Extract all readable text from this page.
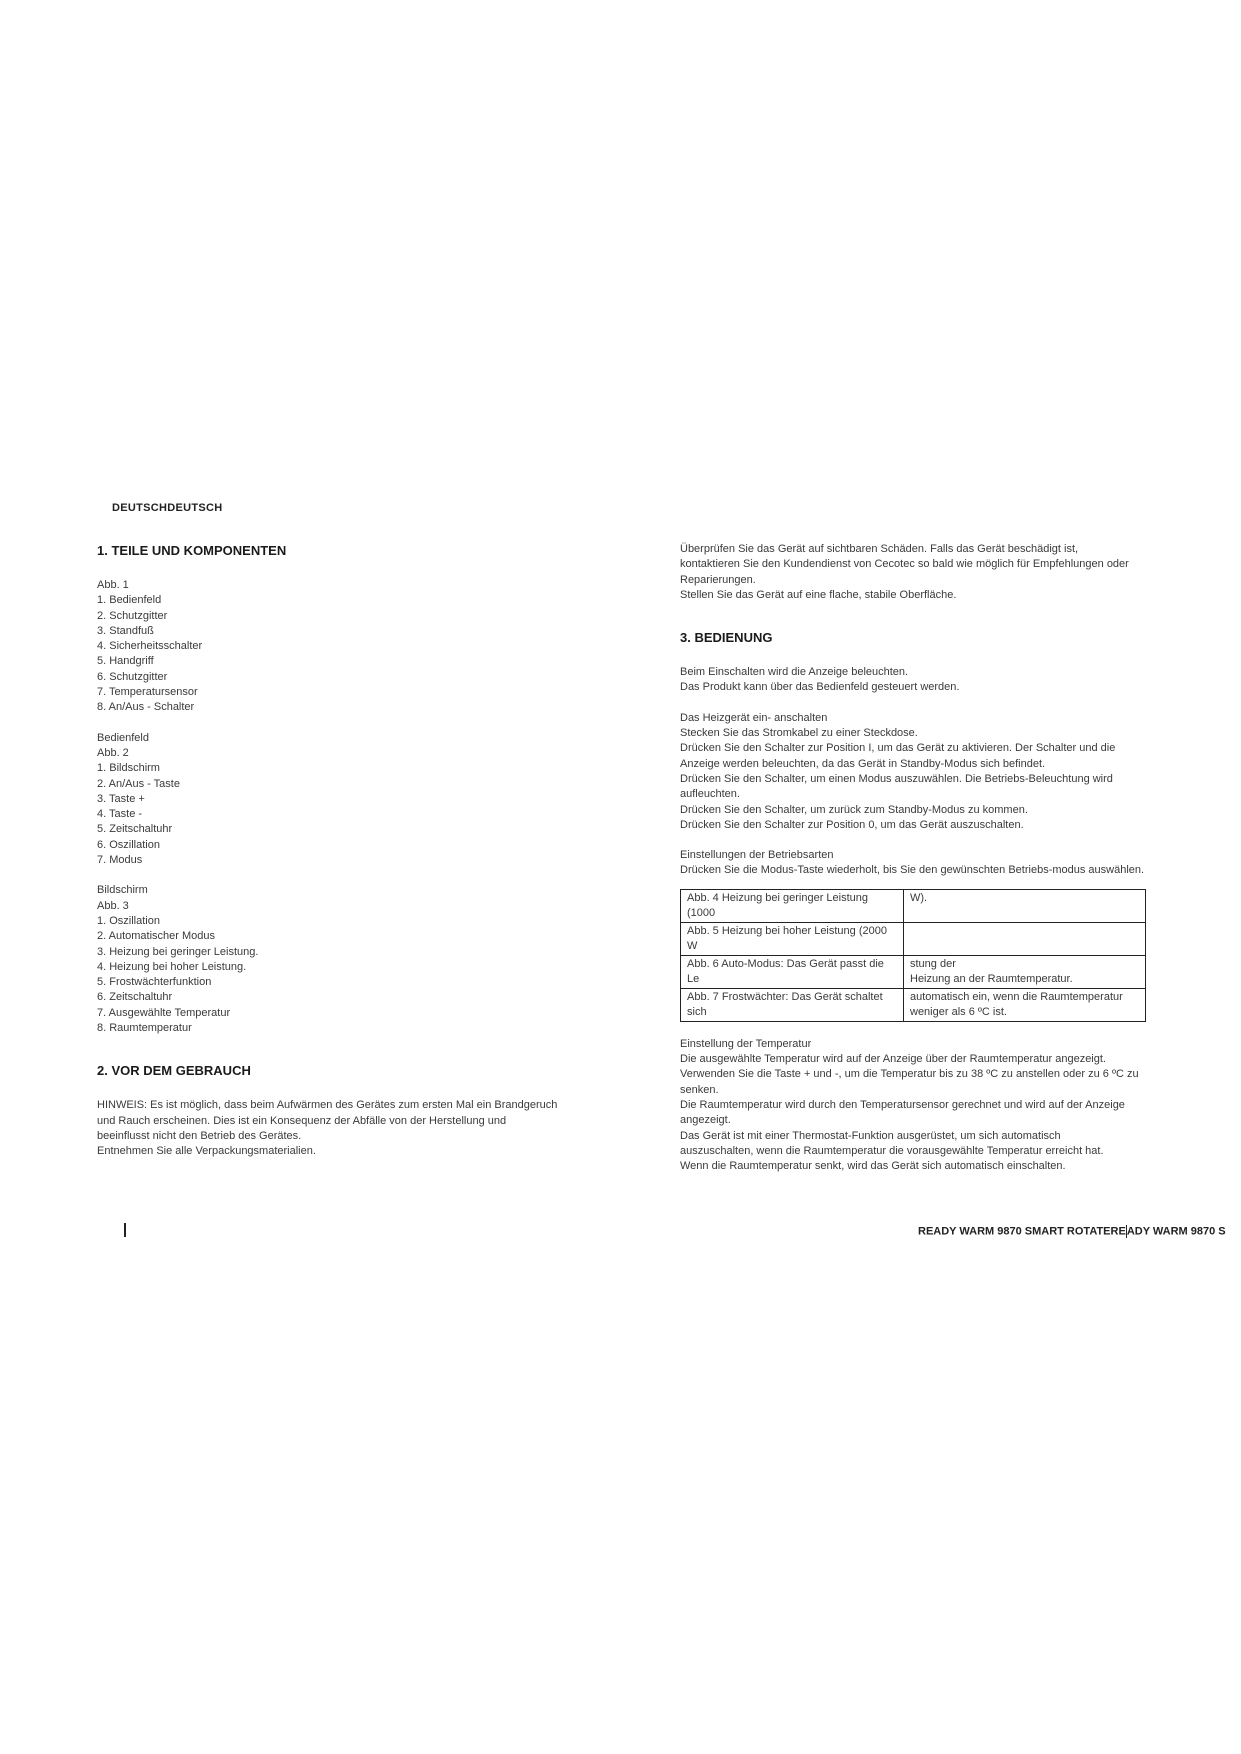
DEUTSCHDEUTSCH

1. TEILE UND KOMPONENTEN

Abb. 1
1. Bedienfeld
2. Schutzgitter
3. Standfuß
4. Sicherheitsschalter
5. Handgriff
6. Schutzgitter
7. Temperatursensor
8. An/Aus - Schalter
Bedienfeld
Abb. 2
1. Bildschirm
2. An/Aus - Taste
3. Taste +
4. Taste -
5. Zeitschaltuhr
6. Oszillation
7. Modus
Bildschirm
Abb. 3
1. Oszillation
2. Automatischer Modus
3. Heizung bei geringer Leistung.
4. Heizung bei hoher Leistung.
5. Frostwächterfunktion
6. Zeitschaltuhr
7. Ausgewählte Temperatur
8. Raumtemperatur

2. VOR DEM GEBRAUCH

HINWEIS: Es ist möglich, dass beim Aufwärmen des Gerätes zum ersten Mal ein Brandgeruch
und Rauch erscheinen. Dies ist ein Konsequenz der Abfälle von der Herstellung und
beeinflusst nicht den Betrieb des Gerätes.
Entnehmen Sie alle Verpackungsmaterialien.
Überprüfen Sie das Gerät auf sichtbaren Schäden. Falls das Gerät beschädigt ist,
kontaktieren Sie den Kundendienst von Cecotec so bald wie möglich für Empfehlungen oder
Reparierungen.
Stellen Sie das Gerät auf eine flache, stabile Oberfläche.

3. BEDIENUNG

Beim Einschalten wird die Anzeige beleuchten.
Das Produkt kann über das Bedienfeld gesteuert werden.
Das Heizgerät ein- anschalten
Stecken Sie das Stromkabel zu einer Steckdose.
Drücken Sie den Schalter zur Position I, um das Gerät zu aktivieren. Der Schalter und die
Anzeige werden beleuchten, da das Gerät in Standby-Modus sich befindet.
Drücken Sie den Schalter, um einen Modus auszuwählen. Die Betriebs-Beleuchtung wird
aufleuchten.
Drücken Sie den Schalter, um zurück zum Standby-Modus zu kommen.
Drücken Sie den Schalter zur Position 0, um das Gerät auszuschalten.
Einstellungen der Betriebsarten
Drücken Sie die Modus-Taste wiederholt, bis Sie den gewünschten Betriebs-modus auswählen.
Abb. 4 Heizung bei geringer Leistung (1000	W).
Abb. 5 Heizung bei hoher Leistung (2000 W	
Abb. 6 Auto-Modus: Das Gerät passt die Le	stung der
Heizung an der Raumtemperatur.

Abb. 7 Frostwächter: Das Gerät schaltet sich	automatisch ein, wenn die Raumtemperatur
weniger als 6 ºC ist.
Einstellung der Temperatur
Die ausgewählte Temperatur wird auf der Anzeige über der Raumtemperatur angezeigt.
Verwenden Sie die Taste + und -, um die Temperatur bis zu 38 ºC zu anstellen oder zu 6 ºC zu
senken.
Die Raumtemperatur wird durch den Temperatursensor gerechnet und wird auf der Anzeige
angezeigt.
Das Gerät ist mit einer Thermostat-Funktion ausgerüstet, um sich automatisch
auszuschalten, wenn die Raumtemperatur die vorausgewählte Temperatur erreicht hat.
Wenn die Raumtemperatur senkt, wird das Gerät sich automatisch einschalten.
READY WARM 9870 SMART ROTATEREADY WARM 9870 S
